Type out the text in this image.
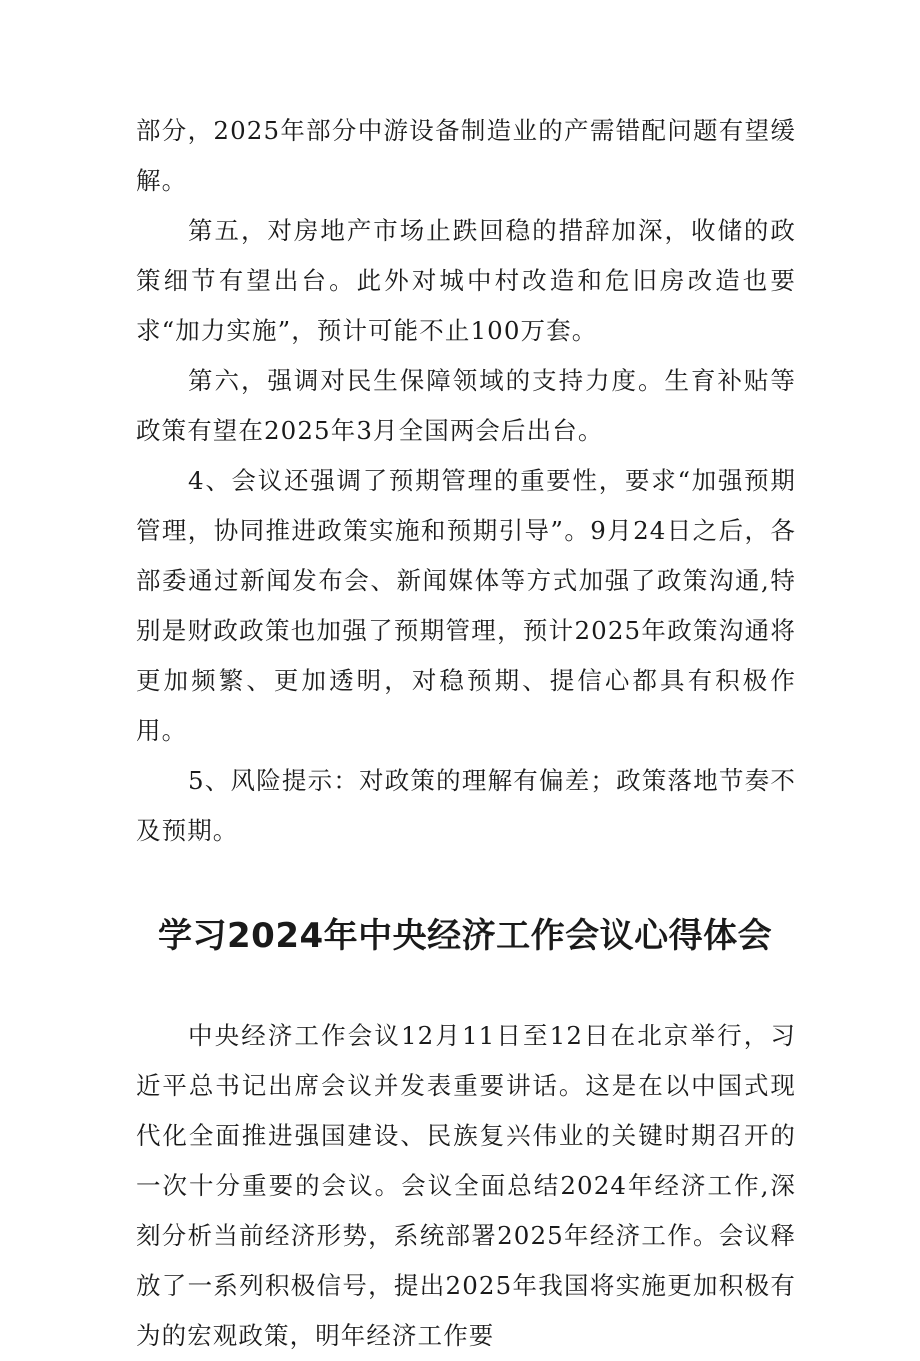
部分，2025年部分中游设备制造业的产需错配问题有望缓解。

第五，对房地产市场止跌回稳的措辞加深，收储的政策细节有望出台。此外对城中村改造和危旧房改造也要求“加力实施”，预计可能不止100万套。

第六，强调对民生保障领域的支持力度。生育补贴等政策有望在2025年3月全国两会后出台。

4、会议还强调了预期管理的重要性，要求“加强预期管理，协同推进政策实施和预期引导”。9月24日之后，各部委通过新闻发布会、新闻媒体等方式加强了政策沟通,特别是财政政策也加强了预期管理，预计2025年政策沟通将更加频繁、更加透明，对稳预期、提信心都具有积极作用。

5、风险提示：对政策的理解有偏差；政策落地节奏不及预期。

学习2024年中央经济工作会议心得体会

中央经济工作会议12月11日至12日在北京举行，习近平总书记出席会议并发表重要讲话。这是在以中国式现代化全面推进强国建设、民族复兴伟业的关键时期召开的一次十分重要的会议。会议全面总结2024年经济工作,深刻分析当前经济形势，系统部署2025年经济工作。会议释放了一系列积极信号，提出2025年我国将实施更加积极有为的宏观政策，明年经济工作要
